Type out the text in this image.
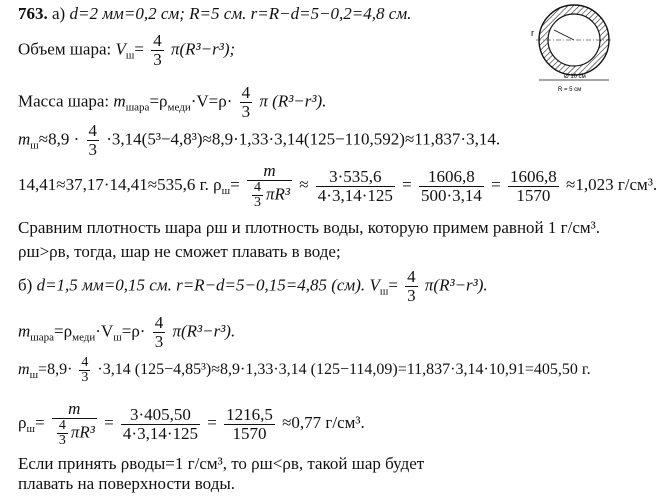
763. а) d=2 мм=0,2 см; R=5 см. r=R−d=5−0,2=4,8 см.
Объем шара: $V_ш= \frac{4}{3} \pi(R^3-r^3)$;
Масса шара: $m_{шара}=\rho_{меди}\cdot V=\rho\cdot \frac{4}{3}$ π (R³−r³).
$m_ш\approx 8,9 \cdot \frac{4}{3} \cdot 3,14(5^3-4,8^3)\approx 8,9\cdot 1,33\cdot 3,14(125-110,592)\approx 11,837\cdot 3,14$.
14,41≈37,17·14,41≈535,6 г. $\rho_ш= \frac{m}{\frac{4}{3} \pi R^3} \approx \frac{3\cdot 535,6}{4\cdot 3,14\cdot 125} = \frac{1606,8}{500\cdot 3,14} = \frac{1606,8}{1570} \approx 1,023$ г/см³.
Сравним плотность шара ρш и плотность воды, которую примем равной 1 г/см³.
ρш>ρв, тогда, шар не сможет плавать в воде;
б) d=1,5 мм=0,15 см. r=R−d=5−0,15=4,85 (см). $V_ш= \frac{4}{3} \pi(R^3-r^3)$.
$m_{шара}=\rho_{меди}\cdot V_ш=\rho\cdot \frac{4}{3} \pi(R^3-r^3)$.
$m_ш=8,9\cdot \frac{4}{3} \cdot 3,14$ (125−4,85³)≈8,9·1,33·3,14 (125−114,09)=11,837·3,14·10,91=405,50 г.
$\rho_ш= \frac{m}{\frac{4}{3} \pi R^3} = \frac{3\cdot 405,50}{4\cdot 3,14\cdot 125} = \frac{1216,5}{1570} \approx 0,77$ г/см³.
Если принять ρводы=1 г/см³, то ρш<ρв, такой шар будет
плавать на поверхности воды.
r
Ø 10 см
R = 5 см
